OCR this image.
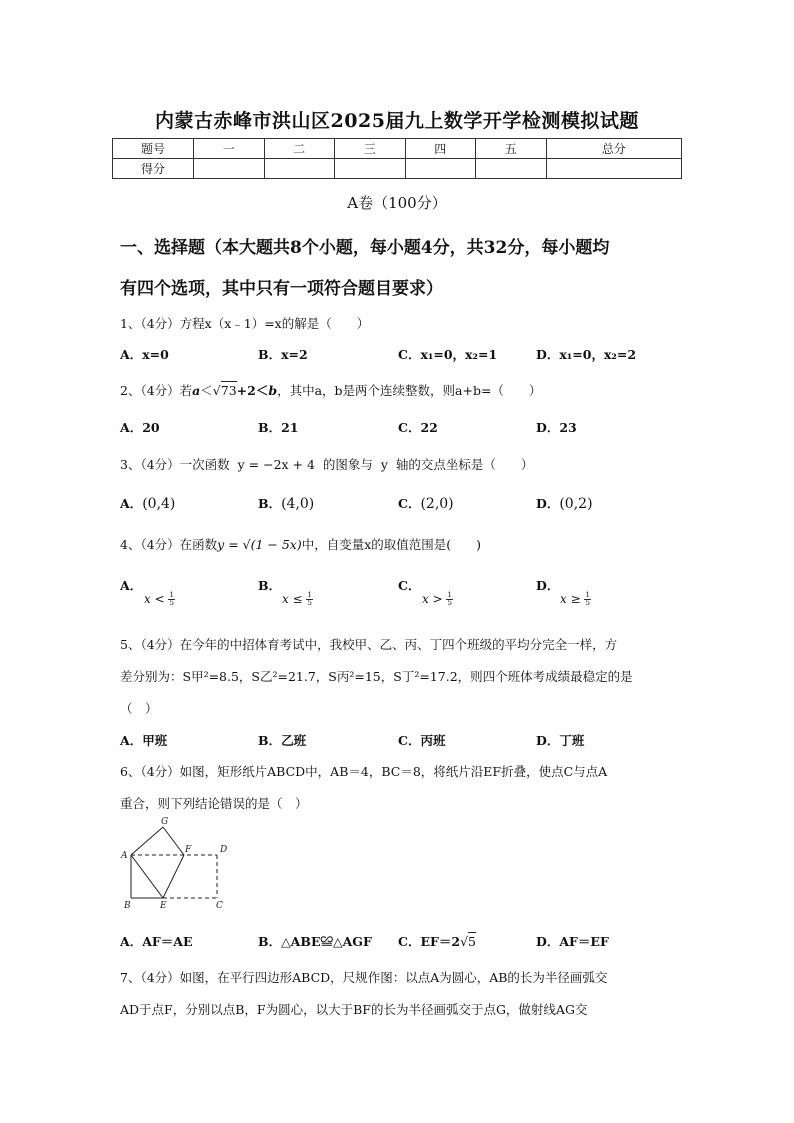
内蒙古赤峰市洪山区2025届九上数学开学检测模拟试题
题号	一	二	三	四	五	总分
得分						
A卷（100分）
一、选择题（本大题共8个小题，每小题4分，共32分，每小题均
有四个选项，其中只有一项符合题目要求）
1、（4分）方程x（x﹣1）=x的解是（　　）
A．x=0	B．x=2	C．x₁=0，x₂=1	D．x₁=0，x₂=2
2、（4分）若a＜√73+2＜b，其中a，b是两个连续整数，则a+b=（　　）
A．20	B．21	C．22	D．23
3、（4分）一次函数 y = −2x + 4 的图象与 y 轴的交点坐标是（　　）
A．(0,4)	B．(4,0)	C．(2,0)	D．(0,2)
4、（4分）在函数y = √(1 − 5x)中，自变量x的取值范围是(　　)
A．	B．	C．	D．
$x < \frac{1}{5}$	$x \le \frac{1}{5}$	$x > \frac{1}{5}$	$x \ge \frac{1}{5}$
5、（4分）在今年的中招体育考试中，我校甲、乙、丙、丁四个班级的平均分完全一样，方
差分别为：S甲²=8.5，S乙²=21.7，S丙²=15，S丁²=17.2，则四个班体考成绩最稳定的是
（　）
A．甲班	B．乙班	C．丙班	D．丁班
6、（4分）如图，矩形纸片ABCD中，AB＝4，BC＝8，将纸片沿EF折叠，使点C与点A
重合，则下列结论错误的是（　）
G
A
F	D
B	E	C
A．AF＝AE	B．△ABE≌△AGF C．EF＝2√5	D．AF＝EF
7、（4分）如图，在平行四边形ABCD，尺规作图：以点A为圆心，AB的长为半径画弧交
AD于点F，分别以点B，F为圆心，以大于BF的长为半径画弧交于点G，做射线AG交
